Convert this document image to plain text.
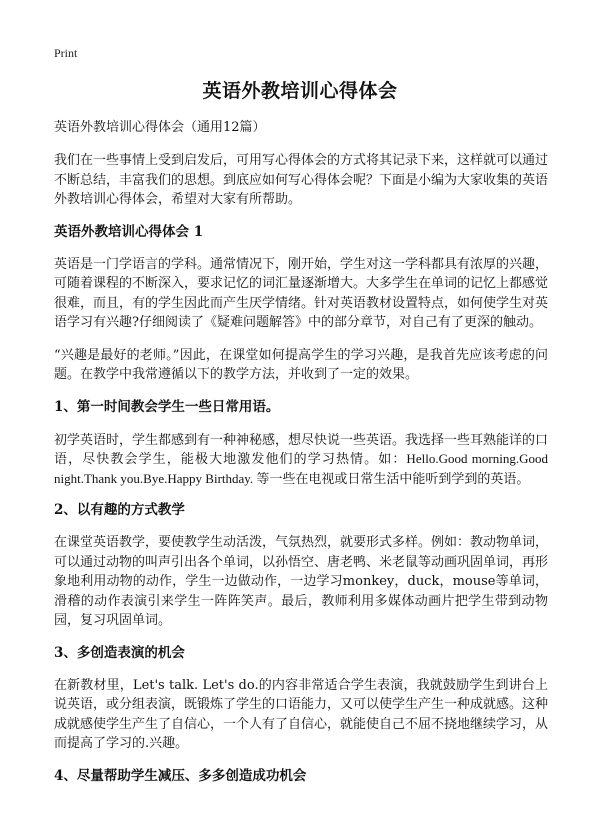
Print
英语外教培训心得体会

英语外教培训心得体会（通用12篇）

我们在一些事情上受到启发后，可用写心得体会的方式将其记录下来，这样就可以通过不断总结，丰富我们的思想。到底应如何写心得体会呢？下面是小编为大家收集的英语外教培训心得体会，希望对大家有所帮助。

英语外教培训心得体会 1

英语是一门学语言的学科。通常情况下，刚开始，学生对这一学科都具有浓厚的兴趣，可随着课程的不断深入，要求记忆的词汇量逐渐增大。大多学生在单词的记忆上都感觉很难，而且，有的学生因此而产生厌学情绪。针对英语教材设置特点，如何使学生对英语学习有兴趣?仔细阅读了《疑难问题解答》中的部分章节，对自己有了更深的触动。

“兴趣是最好的老师。”因此，在课堂如何提高学生的学习兴趣，是我首先应该考虑的问题。在教学中我常遵循以下的教学方法，并收到了一定的效果。

1、第一时间教会学生一些日常用语。

初学英语时，学生都感到有一种神秘感，想尽快说一些英语。我选择一些耳熟能详的口语，尽快教会学生，能极大地激发他们的学习热情。如：Hello.Good morning.Good night.Thank you.Bye.Happy Birthday. 等一些在电视或日常生活中能听到学到的英语。

2、以有趣的方式教学

在课堂英语教学，要使教学生动活泼，气氛热烈，就要形式多样。例如：教动物单词，可以通过动物的叫声引出各个单词，以孙悟空、唐老鸭、米老鼠等动画巩固单词，再形象地利用动物的动作，学生一边做动作，一边学习monkey，duck，mouse等单词，滑稽的动作表演引来学生一阵阵笑声。最后，教师利用多媒体动画片把学生带到动物园，复习巩固单词。

3、多创造表演的机会

在新教材里，Let's talk. Let's do.的内容非常适合学生表演，我就鼓励学生到讲台上说英语，或分组表演，既锻炼了学生的口语能力，又可以使学生产生一种成就感。这种成就感使学生产生了自信心，一个人有了自信心，就能使自己不屈不挠地继续学习，从而提高了学习的.兴趣。

4、尽量帮助学生减压、多多创造成功机会
